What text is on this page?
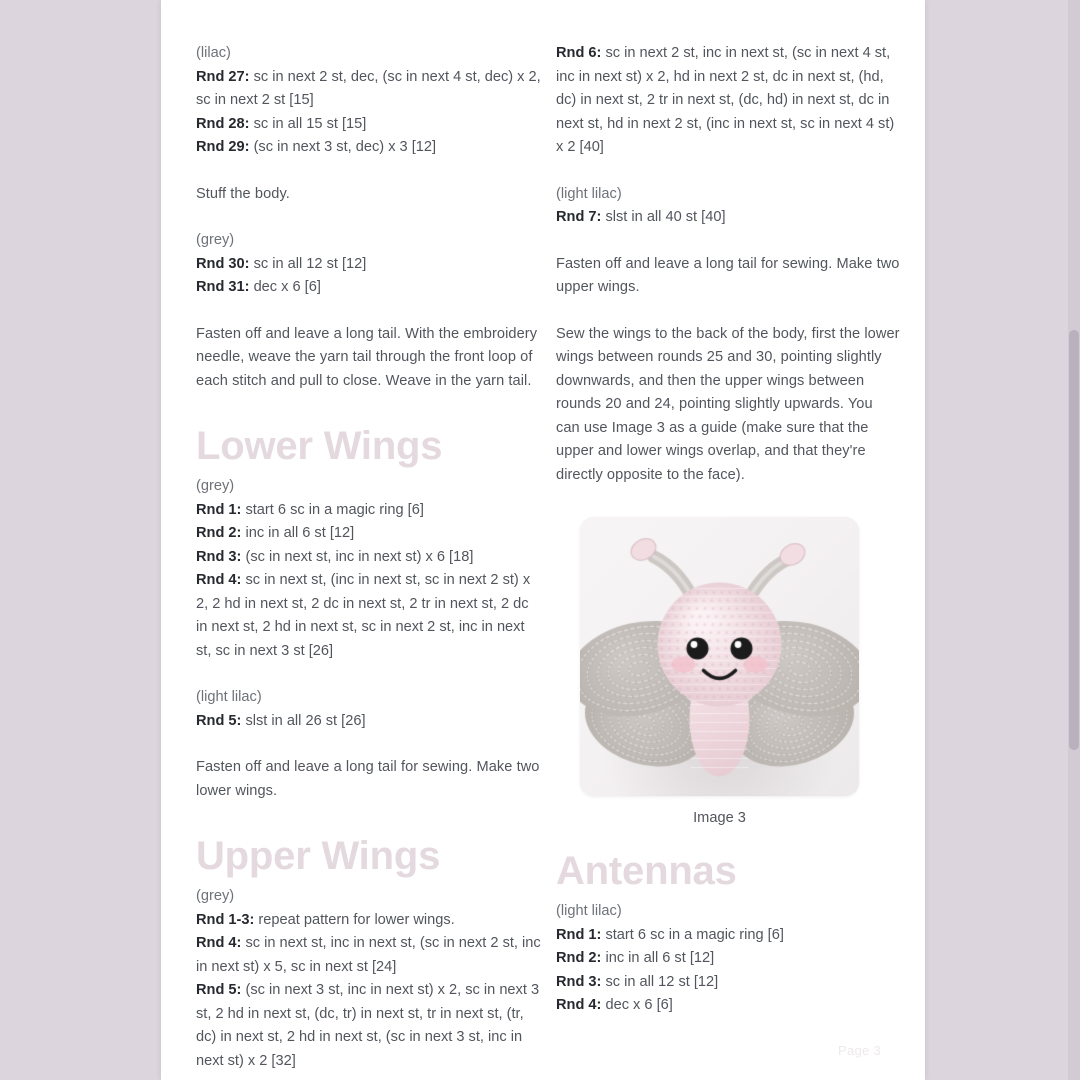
(lilac)
Rnd 27: sc in next 2 st, dec, (sc in next 4 st, dec) x 2, sc in next 2 st [15]
Rnd 28: sc in all 15 st [15]
Rnd 29: (sc in next 3 st, dec) x 3 [12]
Stuff the body.
(grey)
Rnd 30: sc in all 12 st [12]
Rnd 31: dec x 6 [6]
Fasten off and leave a long tail. With the embroidery needle, weave the yarn tail through the front loop of each stitch and pull to close. Weave in the yarn tail.
Lower Wings
(grey)
Rnd 1: start 6 sc in a magic ring [6]
Rnd 2: inc in all 6 st [12]
Rnd 3: (sc in next st, inc in next st) x 6 [18]
Rnd 4: sc in next st, (inc in next st, sc in next 2 st) x 2, 2 hd in next st, 2 dc in next st, 2 tr in next st, 2 dc in next st, 2 hd in next st, sc in next 2 st, inc in next st, sc in next 3 st [26]
(light lilac)
Rnd 5: slst in all 26 st [26]
Fasten off and leave a long tail for sewing. Make two lower wings.
Upper Wings
(grey)
Rnd 1-3: repeat pattern for lower wings.
Rnd 4: sc in next st, inc in next st, (sc in next 2 st, inc in next st) x 5, sc in next st [24]
Rnd 5: (sc in next 3 st, inc in next st) x 2, sc in next 3 st, 2 hd in next st, (dc, tr) in next st, tr in next st, (tr, dc) in next st, 2 hd in next st, (sc in next 3 st, inc in next st) x 2 [32]
Rnd 6: sc in next 2 st, inc in next st, (sc in next 4 st, inc in next st) x 2, hd in next 2 st, dc in next st, (hd, dc) in next st, 2 tr in next st, (dc, hd) in next st, dc in next st, hd in next 2 st, (inc in next st, sc in next 4 st) x 2 [40]
(light lilac)
Rnd 7: slst in all 40 st [40]
Fasten off and leave a long tail for sewing. Make two upper wings.
Sew the wings to the back of the body, first the lower wings between rounds 25 and 30, pointing slightly downwards, and then the upper wings between rounds 20 and 24, pointing slightly upwards. You can use Image 3 as a guide (make sure that the upper and lower wings overlap, and that they're directly opposite to the face).
Image 3
Antennas
(light lilac)
Rnd 1: start 6 sc in a magic ring [6]
Rnd 2: inc in all 6 st [12]
Rnd 3: sc in all 12 st [12]
Rnd 4: dec x 6 [6]
Page 3
